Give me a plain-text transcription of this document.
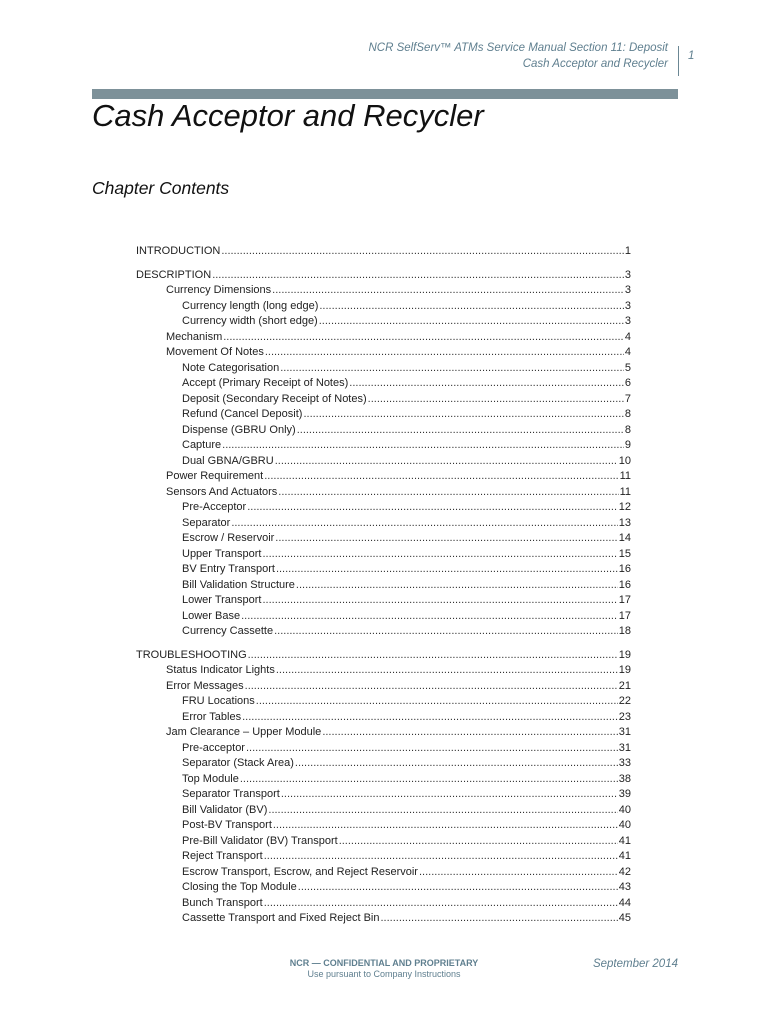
NCR SelfServ™ ATMs Service Manual Section 11: Deposit
Cash Acceptor and Recycler
1
Cash Acceptor and Recycler
Chapter Contents
INTRODUCTION .....	1
DESCRIPTION .....	3
Currency Dimensions .....	3
Currency length (long edge) .....	3
Currency width (short edge) .....	3
Mechanism .....	4
Movement Of Notes .....	4
Note Categorisation .....	5
Accept (Primary Receipt of Notes) .....	6
Deposit (Secondary Receipt of Notes) .....	7
Refund (Cancel Deposit) .....	8
Dispense (GBRU Only) .....	8
Capture .....	9
Dual GBNA/GBRU .....	10
Power Requirement .....	11
Sensors And Actuators .....	11
Pre-Acceptor .....	12
Separator .....	13
Escrow / Reservoir .....	14
Upper Transport .....	15
BV Entry Transport .....	16
Bill Validation Structure .....	16
Lower Transport .....	17
Lower Base .....	17
Currency Cassette .....	18
TROUBLESHOOTING .....	19
Status Indicator Lights .....	19
Error Messages .....	21
FRU Locations .....	22
Error Tables .....	23
Jam Clearance – Upper Module .....	31
Pre-acceptor .....	31
Separator (Stack Area) .....	33
Top Module .....	38
Separator Transport .....	39
Bill Validator (BV) .....	40
Post-BV Transport .....	40
Pre-Bill Validator (BV) Transport .....	41
Reject Transport .....	41
Escrow Transport, Escrow, and Reject Reservoir .....	42
Closing the Top Module .....	43
Bunch Transport .....	44
Cassette Transport and Fixed Reject Bin .....	45
NCR — CONFIDENTIAL AND PROPRIETARY
Use pursuant to Company Instructions
September 2014
